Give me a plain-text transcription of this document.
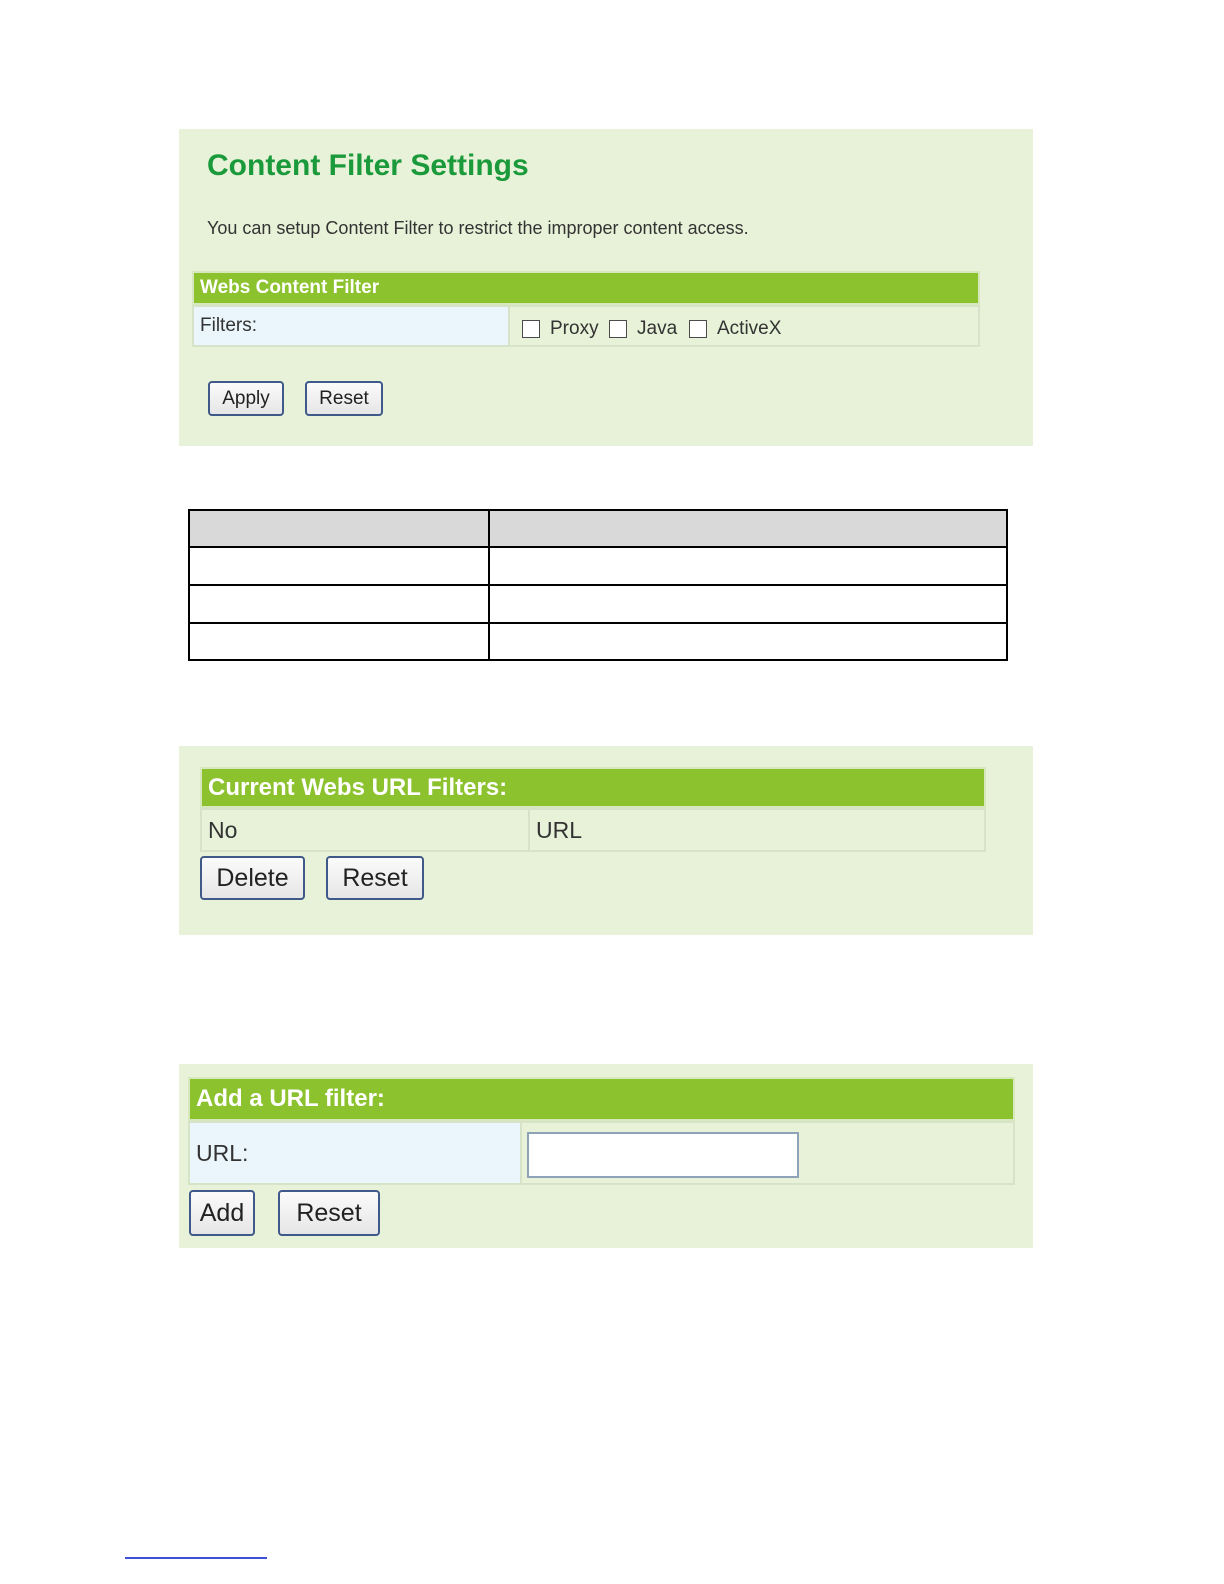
Content Filter Settings
You can setup Content Filter to restrict the improper content access.
Webs Content Filter
Filters:	Proxy Java ActiveX
Apply	Reset

Current Webs URL Filters:
No	URL
Delete	Reset
Add a URL filter:
URL:
Add	Reset
